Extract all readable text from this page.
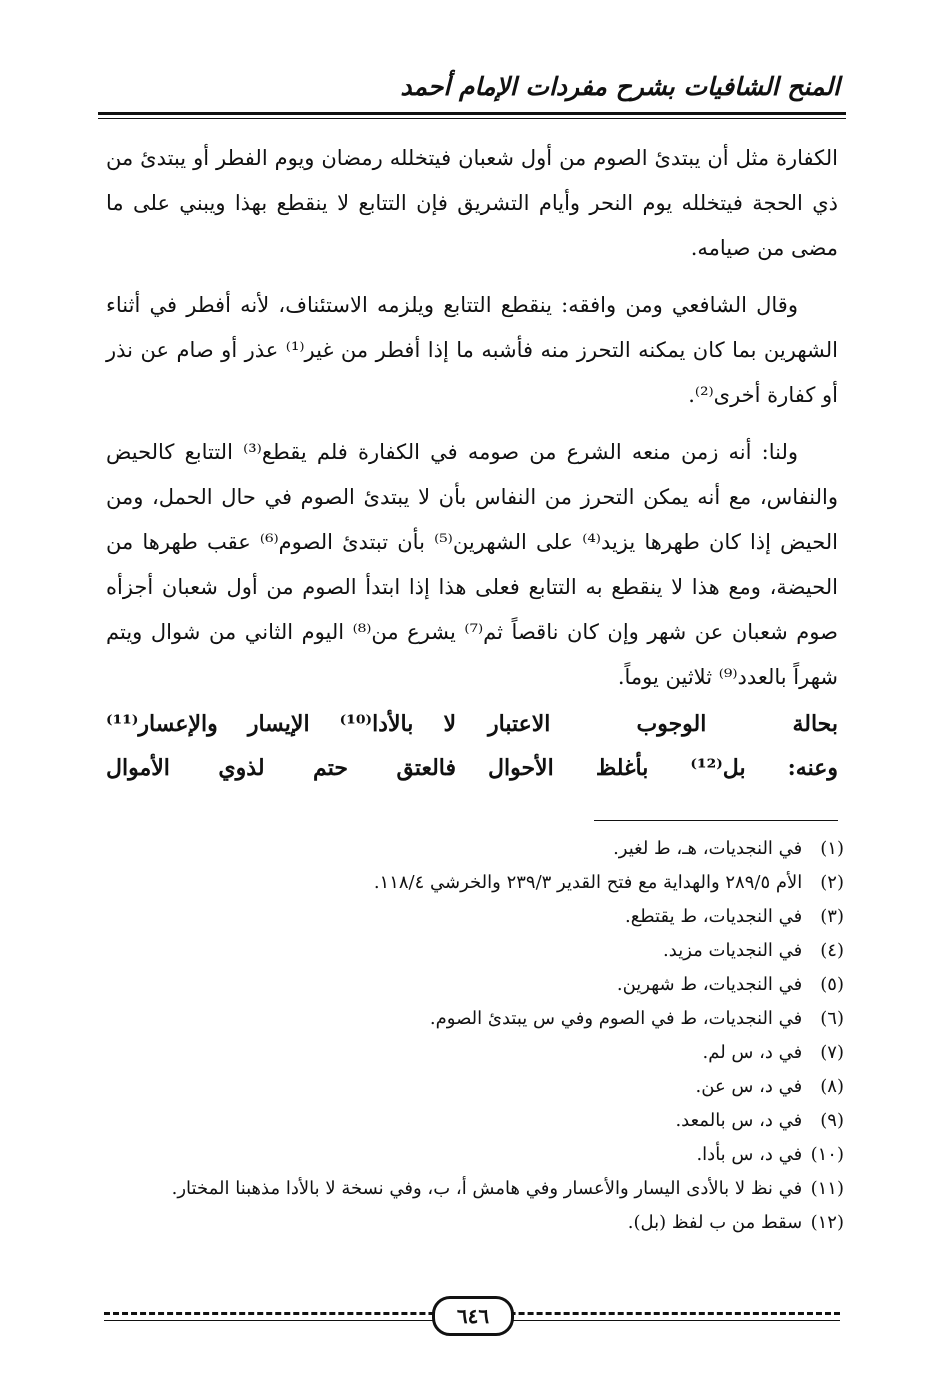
المنح الشافيات بشرح مفردات الإمام أحمد

الكفارة مثل أن يبتدئ الصوم من أول شعبان فيتخلله رمضان ويوم الفطر أو يبتدئ من ذي الحجة فيتخلله يوم النحر وأيام التشريق فإن التتابع لا ينقطع بهذا ويبني على ما مضى من صيامه.

وقال الشافعي ومن وافقه: ينقطع التتابع ويلزمه الاستئناف، لأنه أفطر في أثناء الشهرين بما كان يمكنه التحرز منه فأشبه ما إذا أفطر من غير⁽¹⁾ عذر أو صام عن نذر أو كفارة أخرى⁽²⁾.

ولنا: أنه زمن منعه الشرع من صومه في الكفارة فلم يقطع⁽³⁾ التتابع كالحيض والنفاس، مع أنه يمكن التحرز من النفاس بأن لا يبتدئ الصوم في حال الحمل، ومن الحيض إذا كان طهرها يزيد⁽⁴⁾ على الشهرين⁽⁵⁾ بأن تبتدئ الصوم⁽⁶⁾ عقب طهرها من الحيضة، ومع هذا لا ينقطع به التتابع فعلى هذا إذا ابتدأ الصوم من أول شعبان أجزأه صوم شعبان عن شهر وإن كان ناقصاً ثم⁽⁷⁾ يشرع من⁽⁸⁾ اليوم الثاني من شوال ويتم شهراً بالعدد⁽⁹⁾ ثلاثين يوماً.

بحالة الوجوب الاعتبار
لا بالأدا⁽¹⁰⁾ الإيسار والإعسار⁽¹¹⁾
وعنه: بل⁽¹²⁾ بأغلظ الأحوال
فالعتق حتم لذوي الأموال
(١) في النجديات، هـ، ط لغير.
(٢) الأم ٢٨٩/٥ والهداية مع فتح القدير ٢٣٩/٣ والخرشي ١١٨/٤.
(٣) في النجديات، ط يقتطع.
(٤) في النجديات مزيد.
(٥) في النجديات، ط شهرين.
(٦) في النجديات، ط في الصوم وفي س يبتدئ الصوم.
(٧) في د، س لم.
(٨) في د، س عن.
(٩) في د، س بالمعد.
(١٠) في د، س بأدا.
(١١) في نظ لا بالأدى اليسار والأعسار وفي هامش أ، ب، وفي نسخة لا بالأدا مذهبنا المختار.
(١٢) سقط من ب لفظ (بل).
٦٤٦
